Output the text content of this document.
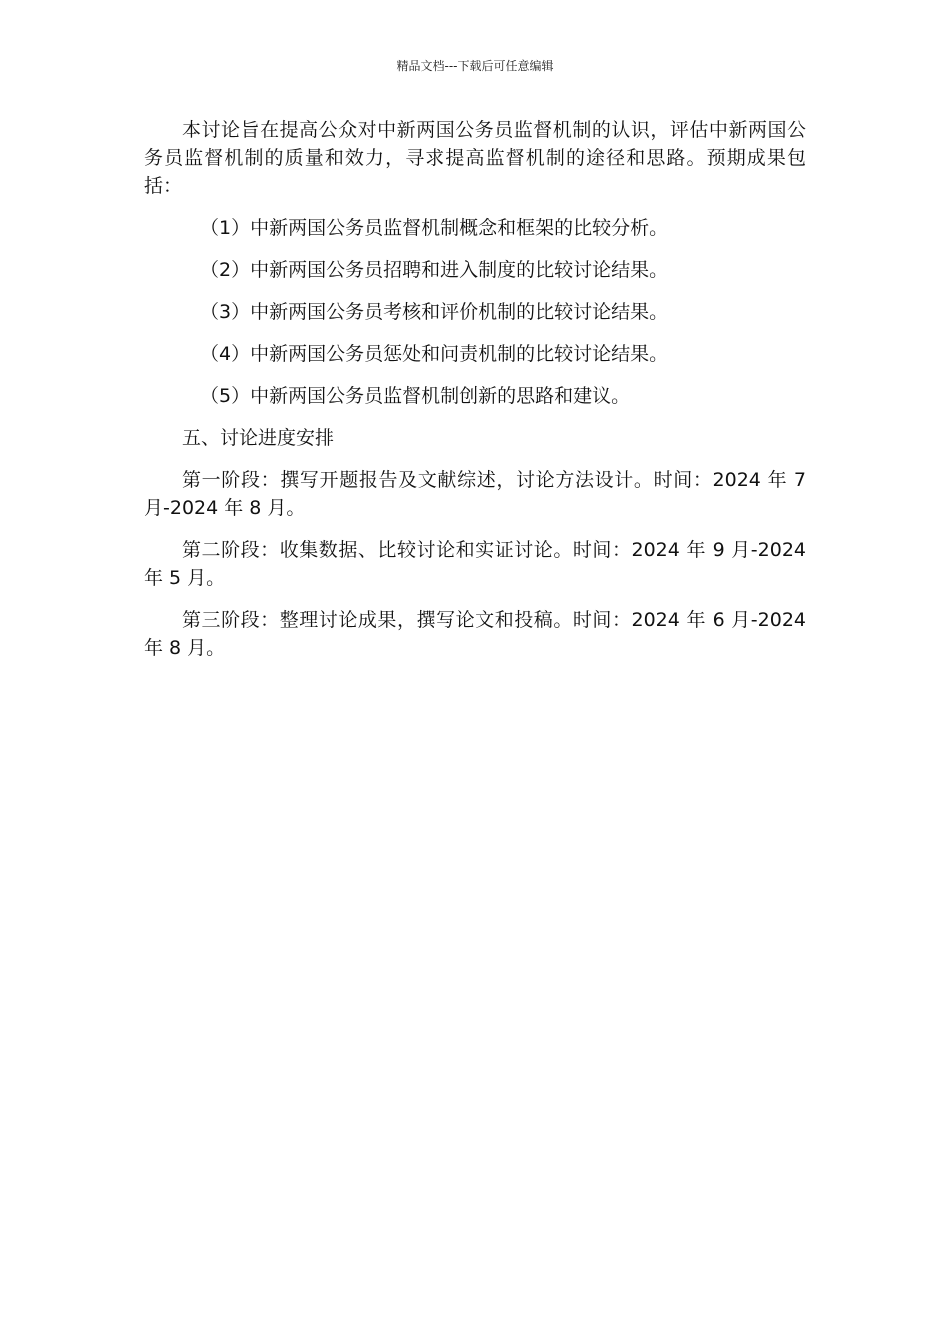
精品文档---下载后可任意编辑

本讨论旨在提高公众对中新两国公务员监督机制的认识，评估中新两国公务员监督机制的质量和效力，寻求提高监督机制的途径和思路。预期成果包括：

（1）中新两国公务员监督机制概念和框架的比较分析。
（2）中新两国公务员招聘和进入制度的比较讨论结果。
（3）中新两国公务员考核和评价机制的比较讨论结果。
（4）中新两国公务员惩处和问责机制的比较讨论结果。
（5）中新两国公务员监督机制创新的思路和建议。

五、讨论进度安排

第一阶段：撰写开题报告及文献综述，讨论方法设计。时间：2024 年 7 月-2024 年 8 月。

第二阶段：收集数据、比较讨论和实证讨论。时间：2024 年 9 月-2024 年 5 月。

第三阶段：整理讨论成果，撰写论文和投稿。时间：2024 年 6 月-2024 年 8 月。
